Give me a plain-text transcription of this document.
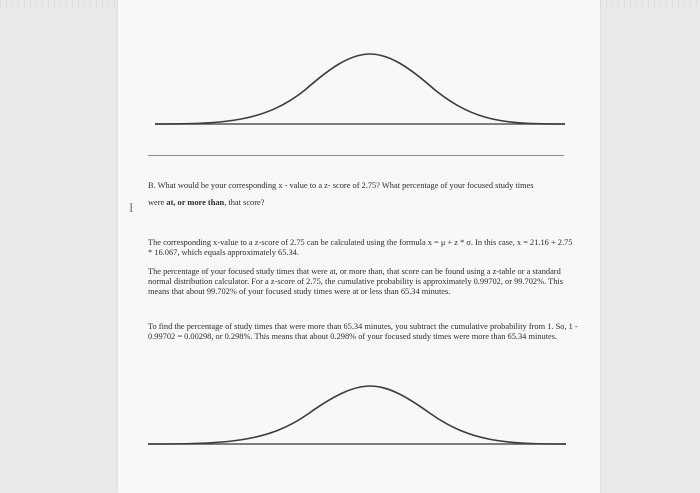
I

B. What would be your corresponding x - value to a z- score of 2.75? What percentage of your focused study times

were at, or more than, that score?

The corresponding x-value to a z-score of 2.75 can be calculated using the formula x = μ + z * σ. In this case, x = 21.16 + 2.75 * 16.067, which equals approximately 65.34.
The percentage of your focused study times that were at, or more than, that score can be found using a z-table or a standard normal distribution calculator. For a z-score of 2.75, the cumulative probability is approximately 0.99702, or 99.702%. This means that about 99.702% of your focused study times were at or less than 65.34 minutes.
To find the percentage of study times that were more than 65.34 minutes, you subtract the cumulative probability from 1. So, 1 - 0.99702 = 0.00298, or 0.298%. This means that about 0.298% of your focused study times were more than 65.34 minutes.
